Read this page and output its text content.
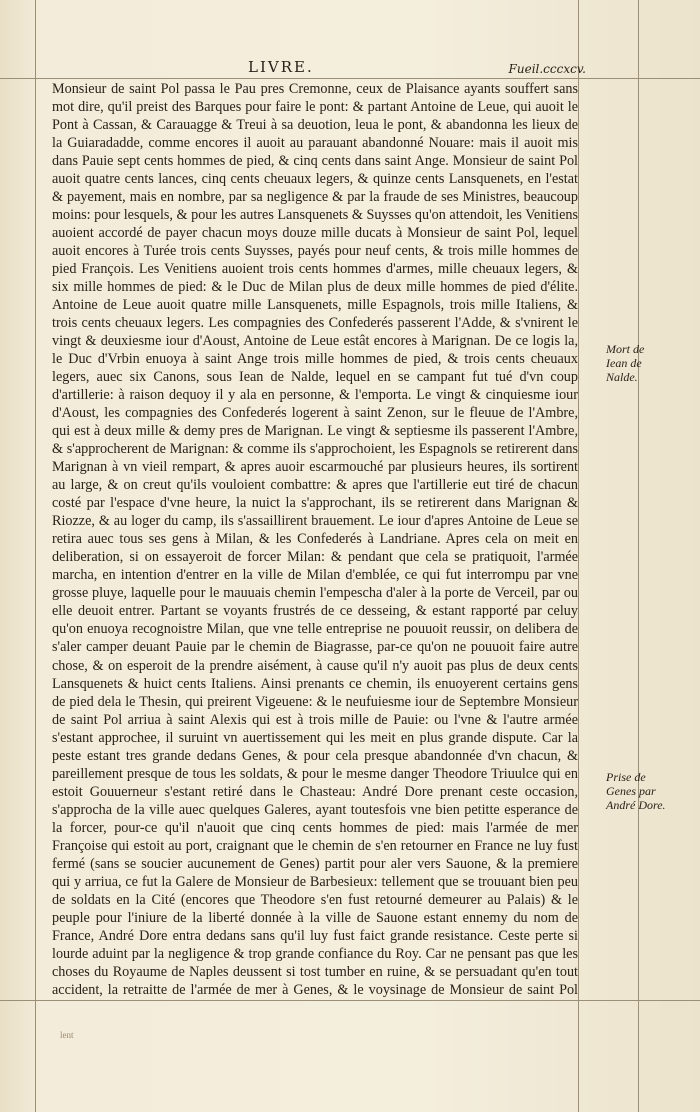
LIVRE.	Fueil.cccxcv.

Monsieur de saint Pol passa le Pau pres Cremonne, ceux de Plaisance ayants souffert sans mot dire, qu'il preist des Barques pour faire le pont: & partant Antoine de Leue, qui auoit le Pont à Cassan, & Carauagge & Treui à sa deuotion, leua le pont, & abandonna les lieux de la Guiaradadde, comme encores il auoit au parauant abandonné Nouare: mais il auoit mis dans Pauie sept cents hommes de pied, & cinq cents dans saint Ange. Monsieur de saint Pol auoit quatre cents lances, cinq cents cheuaux legers, & quinze cents Lansquenets, en l'estat & payement, mais en nombre, par sa negligence & par la fraude de ses Ministres, beaucoup moins: pour lesquels, & pour les autres Lansquenets & Suysses qu'on attendoit, les Venitiens auoient accordé de payer chacun moys douze mille ducats à Monsieur de saint Pol, lequel auoit encores à Turée trois cents Suysses, payés pour neuf cents, & trois mille hommes de pied François. Les Venitiens auoient trois cents hommes d'armes, mille cheuaux legers, & six mille hommes de pied: & le Duc de Milan plus de deux mille hommes de pied d'élite. Antoine de Leue auoit quatre mille Lansquenets, mille Espagnols, trois mille Italiens, & trois cents cheuaux legers. Les compagnies des Confederés passerent l'Adde, & s'vnirent le vingt & deuxiesme iour d'Aoust, Antoine de Leue estât encores à Marignan. De ce logis la, le Duc d'Vrbin enuoya à saint Ange trois mille hommes de pied, & trois cents cheuaux legers, auec six Canons, sous Iean de Nalde, lequel en se campant fut tué d'vn coup d'artillerie: à raison dequoy il y ala en personne, & l'emporta. Le vingt & cinquiesme iour d'Aoust, les compagnies des Confederés logerent à saint Zenon, sur le fleuue de l'Ambre, qui est à deux mille & demy pres de Marignan. Le vingt & septiesme ils passerent l'Ambre, & s'approcherent de Marignan: & comme ils s'approchoient, les Espagnols se retirerent dans Marignan à vn vieil rempart, & apres auoir escarmouché par plusieurs heures, ils sortirent au large, & on creut qu'ils vouloient combattre: & apres que l'artillerie eut tiré de chacun costé par l'espace d'vne heure, la nuict la s'approchant, ils se retirerent dans Marignan & Riozze, & au loger du camp, ils s'assaillirent brauement. Le iour d'apres Antoine de Leue se retira auec tous ses gens à Milan, & les Confederés à Landriane. Apres cela on meit en deliberation, si on essayeroit de forcer Milan: & pendant que cela se pratiquoit, l'armée marcha, en intention d'entrer en la ville de Milan d'emblée, ce qui fut interrompu par vne grosse pluye, laquelle pour le mauuais chemin l'empescha d'aler à la porte de Verceil, par ou elle deuoit entrer. Partant se voyants frustrés de ce desseing, & estant rapporté par celuy qu'on enuoya recognoistre Milan, que vne telle entreprise ne pouuoit reussir, on delibera de s'aler camper deuant Pauie par le chemin de Biagrasse, par-ce qu'on ne pouuoit faire autre chose, & on esperoit de la prendre aisément, à cause qu'il n'y auoit pas plus de deux cents Lansquenets & huict cents Italiens. Ainsi prenants ce chemin, ils enuoyerent certains gens de pied dela le Thesin, qui preirent Vigeuene: & le neufuiesme iour de Septembre Monsieur de saint Pol arriua à saint Alexis qui est à trois mille de Pauie: ou l'vne & l'autre armée s'estant approchee, il suruint vn auertissement qui les meit en plus grande dispute. Car la peste estant tres grande dedans Genes, & pour cela presque abandonnée d'vn chacun, & pareillement presque de tous les soldats, & pour le mesme danger Theodore Triuulce qui en estoit Gouuerneur s'estant retiré dans le Chasteau: André Dore prenant ceste occasion, s'approcha de la ville auec quelques Galeres, ayant toutesfois vne bien petitte esperance de la forcer, pour-ce qu'il n'auoit que cinq cents hommes de pied: mais l'armée de mer Françoise qui estoit au port, craignant que le chemin de s'en retourner en France ne luy fust fermé (sans se soucier aucunement de Genes) partit pour aler vers Sauone, & la premiere qui y arriua, ce fut la Galere de Monsieur de Barbesieux: tellement que se trouuant bien peu de soldats en la Cité (encores que Theodore s'en fust retourné demeurer au Palais) & le peuple pour l'iniure de la liberté donnée à la ville de Sauone estant ennemy du nom de France, André Dore entra dedans sans qu'il luy fust faict grande resistance. Ceste perte si lourde aduint par la negligence & trop grande confiance du Roy. Car ne pensant pas que les choses du Royaume de Naples deussent si tost tumber en ruine, & se persuadant qu'en tout accident, la retraitte de l'armée de mer à Genes, & le voysinage de Monsieur de saint Pol

Mort de Iean de Nalde.
Prise de Genes par André Dore.
lent
